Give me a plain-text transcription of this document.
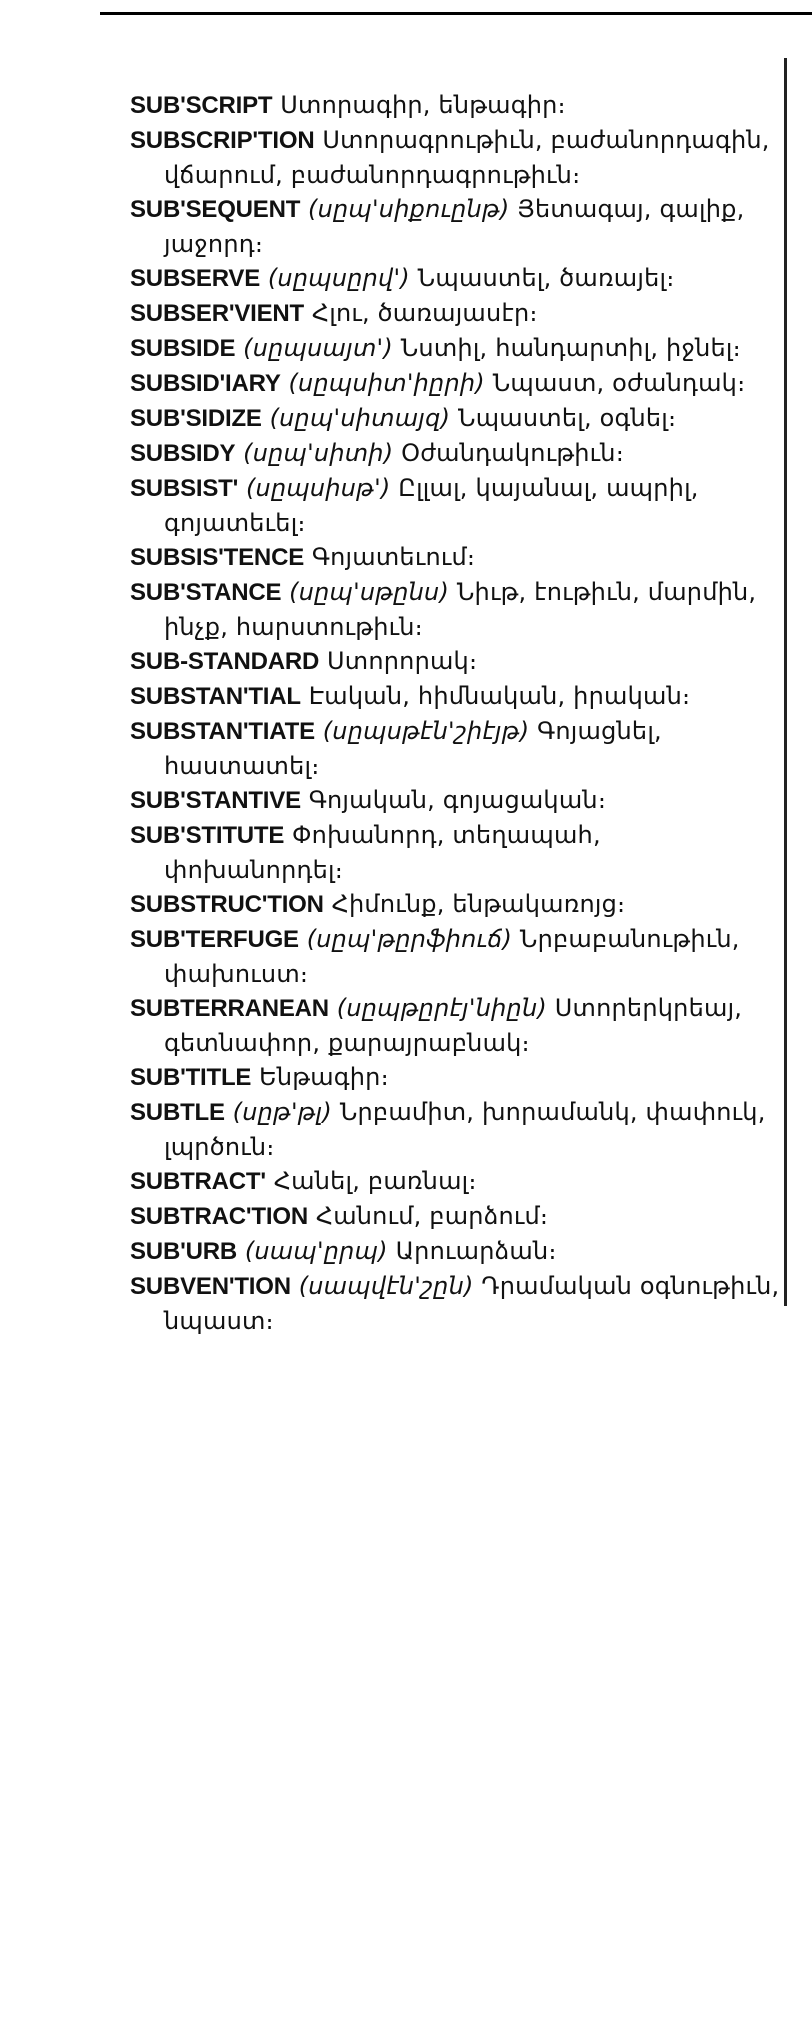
SUB'SCRIPT Ստորագիր, ենթագիր։
SUBSCRIP'TION Ստորագրութիւն, բաժանորդագին, վճարում, բաժանորդագրութիւն։
SUB'SEQUENT (սըպ'սիքուընթ) Յետագայ, գալիք, յաջորդ։
SUBSERVE (սըպսըրվ') Նպաստել, ծառայել։
SUBSER'VIENT Հլու, ծառայասէր։
SUBSIDE (սըպսայտ') Նստիլ, հանդարտիլ, իջնել։
SUBSID'IARY (սըպսիտ'իըրի) Նպաստ, օժանդակ։
SUB'SIDIZE (սըպ'սիտայզ) Նպաստել, օգնել։
SUBSIDY (սըպ'սիտի) Օժանդակութիւն։
SUBSIST' (սըպսիսթ') Ըլլալ, կայանալ, ապրիլ, գոյատեւել։
SUBSIS'TENCE Գոյատեւում։
SUB'STANCE (սըպ'սթընս) Նիւթ, էութիւն, մարմին, ինչք, հարստութիւն։
SUB-STANDARD Ստորորակ։
SUBSTAN'TIAL Էական, հիմնական, իրական։
SUBSTAN'TIATE (սըպսթէն'շիէյթ) Գոյացնել, հաստատել։
SUB'STANTIVE Գոյական, գոյացական։
SUB'STITUTE Փոխանորդ, տեղապահ, փոխանորդել։
SUBSTRUC'TION Հիմունք, ենթակառոյց։
SUB'TERFUGE (սըպ'թըրֆիուճ) Նրբաբանութիւն, փախուստ։
SUBTERRANEAN (սըպթըրէյ'նիըն) Ստորերկրեայ, գետնափոր, քարայրաբնակ։
SUB'TITLE Ենթագիր։
SUBTLE (սըթ'թլ) Նրբամիտ, խորամանկ, փափուկ, լպրծուն։
SUBTRACT' Հանել, բառնալ։
SUBTRAC'TION Հանում, բարձում։
SUB'URB (սապ'ըրպ) Արուարձան։
SUBVEN'TION (սապվէն'շըն) Դրամական օգնութիւն, նպաստ։
